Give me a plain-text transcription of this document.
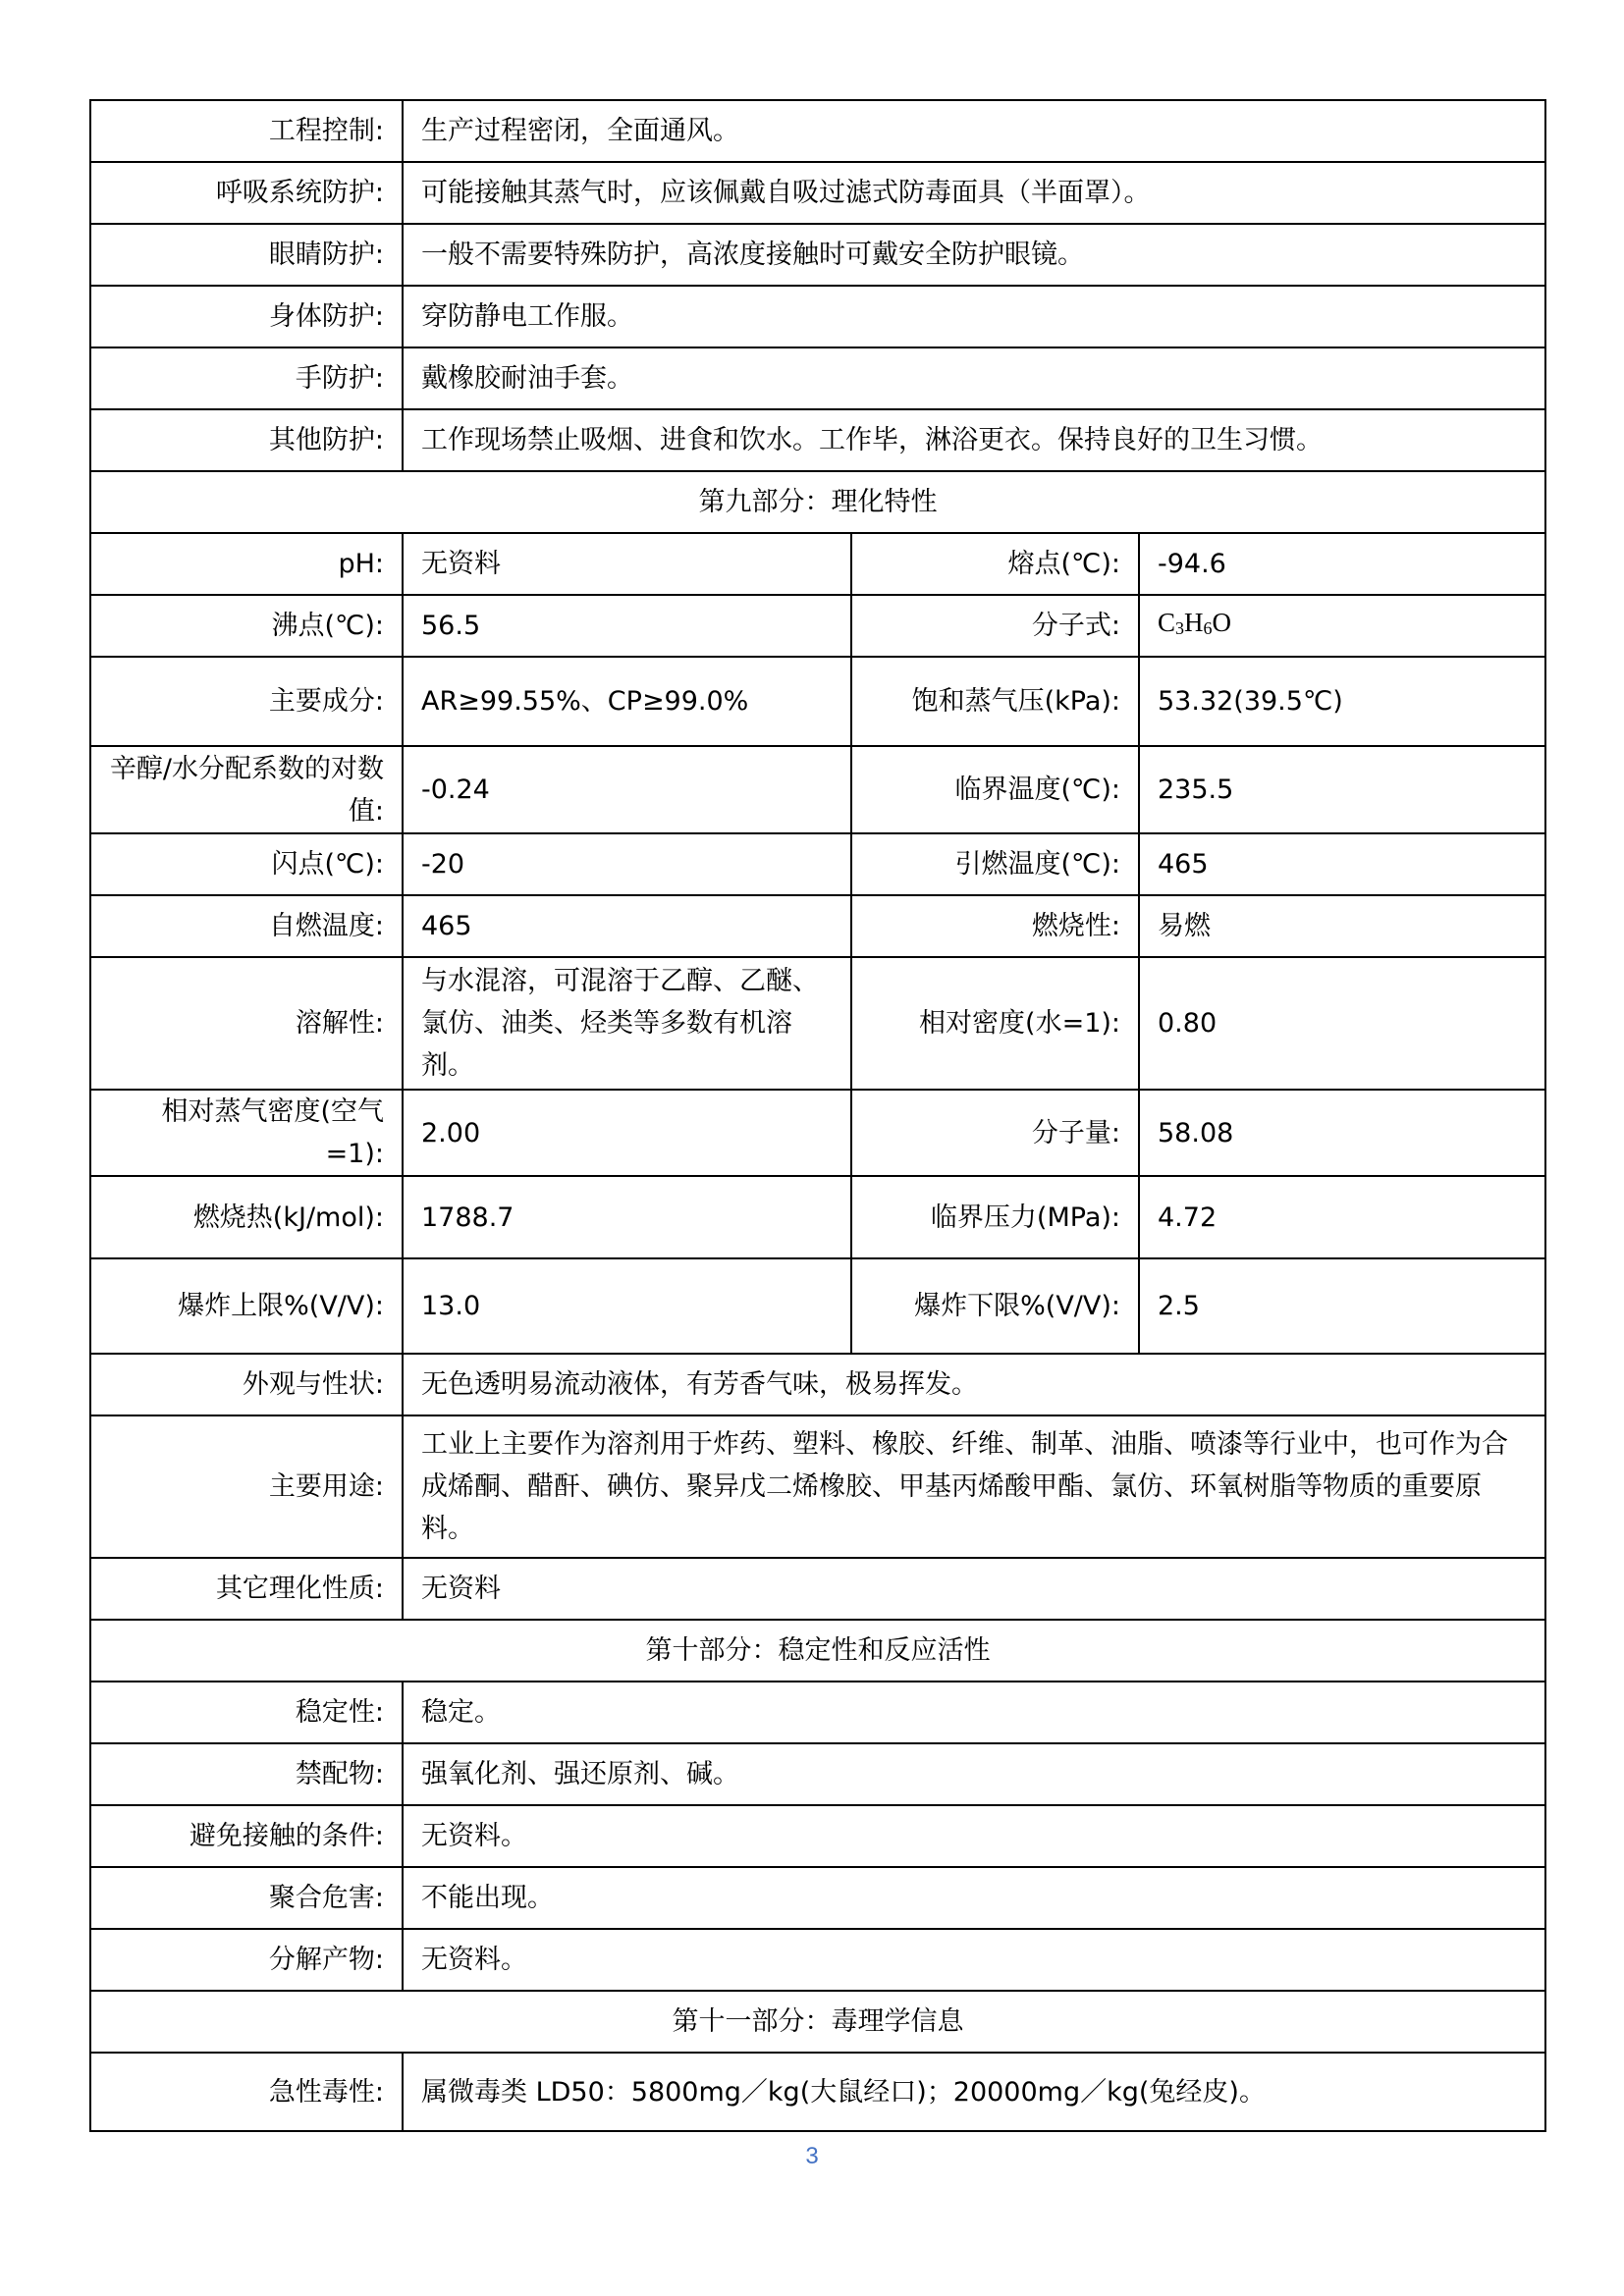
工程控制:	生产过程密闭，全面通风。		
呼吸系统防护:	可能接触其蒸气时，应该佩戴自吸过滤式防毒面具（半面罩）。		
眼睛防护:	一般不需要特殊防护，高浓度接触时可戴安全防护眼镜。		
身体防护:	穿防静电工作服。		
手防护:	戴橡胶耐油手套。		
其他防护:	工作现场禁止吸烟、进食和饮水。工作毕，淋浴更衣。保持良好的卫生习惯。		
第九部分：理化特性			
pH:	无资料	熔点(℃):	-94.6
沸点(℃):	56.5	分子式:	$C_3H_6O$
主要成分:	AR≥99.55%、CP≥99.0%	饱和蒸气压(kPa):	53.32(39.5℃)
辛醇/水分配系数的对数值:	-0.24	临界温度(℃):	235.5
闪点(℃):	-20	引燃温度(℃):	465
自燃温度:	465	燃烧性:	易燃
溶解性:	与水混溶，可混溶于乙醇、乙醚、氯仿、油类、烃类等多数有机溶剂。	相对密度(水=1):	0.80
相对蒸气密度(空气=1):	2.00	分子量:	58.08
燃烧热(kJ/mol):	1788.7	临界压力(MPa):	4.72
爆炸上限%(V/V):	13.0	爆炸下限%(V/V):	2.5
外观与性状:	无色透明易流动液体，有芳香气味，极易挥发。		
主要用途:	工业上主要作为溶剂用于炸药、塑料、橡胶、纤维、制革、油脂、喷漆等行业中，也可作为合成烯酮、醋酐、碘仿、聚异戊二烯橡胶、甲基丙烯酸甲酯、氯仿、环氧树脂等物质的重要原料。		
其它理化性质:	无资料		
第十部分：稳定性和反应活性			
稳定性:	稳定。		
禁配物:	强氧化剂、强还原剂、碱。		
避免接触的条件:	无资料。		
聚合危害:	不能出现。		
分解产物:	无资料。		
第十一部分：毒理学信息			
急性毒性:	属微毒类 LD50：5800mg／kg(大鼠经口)；20000mg／kg(兔经皮)。		
3
